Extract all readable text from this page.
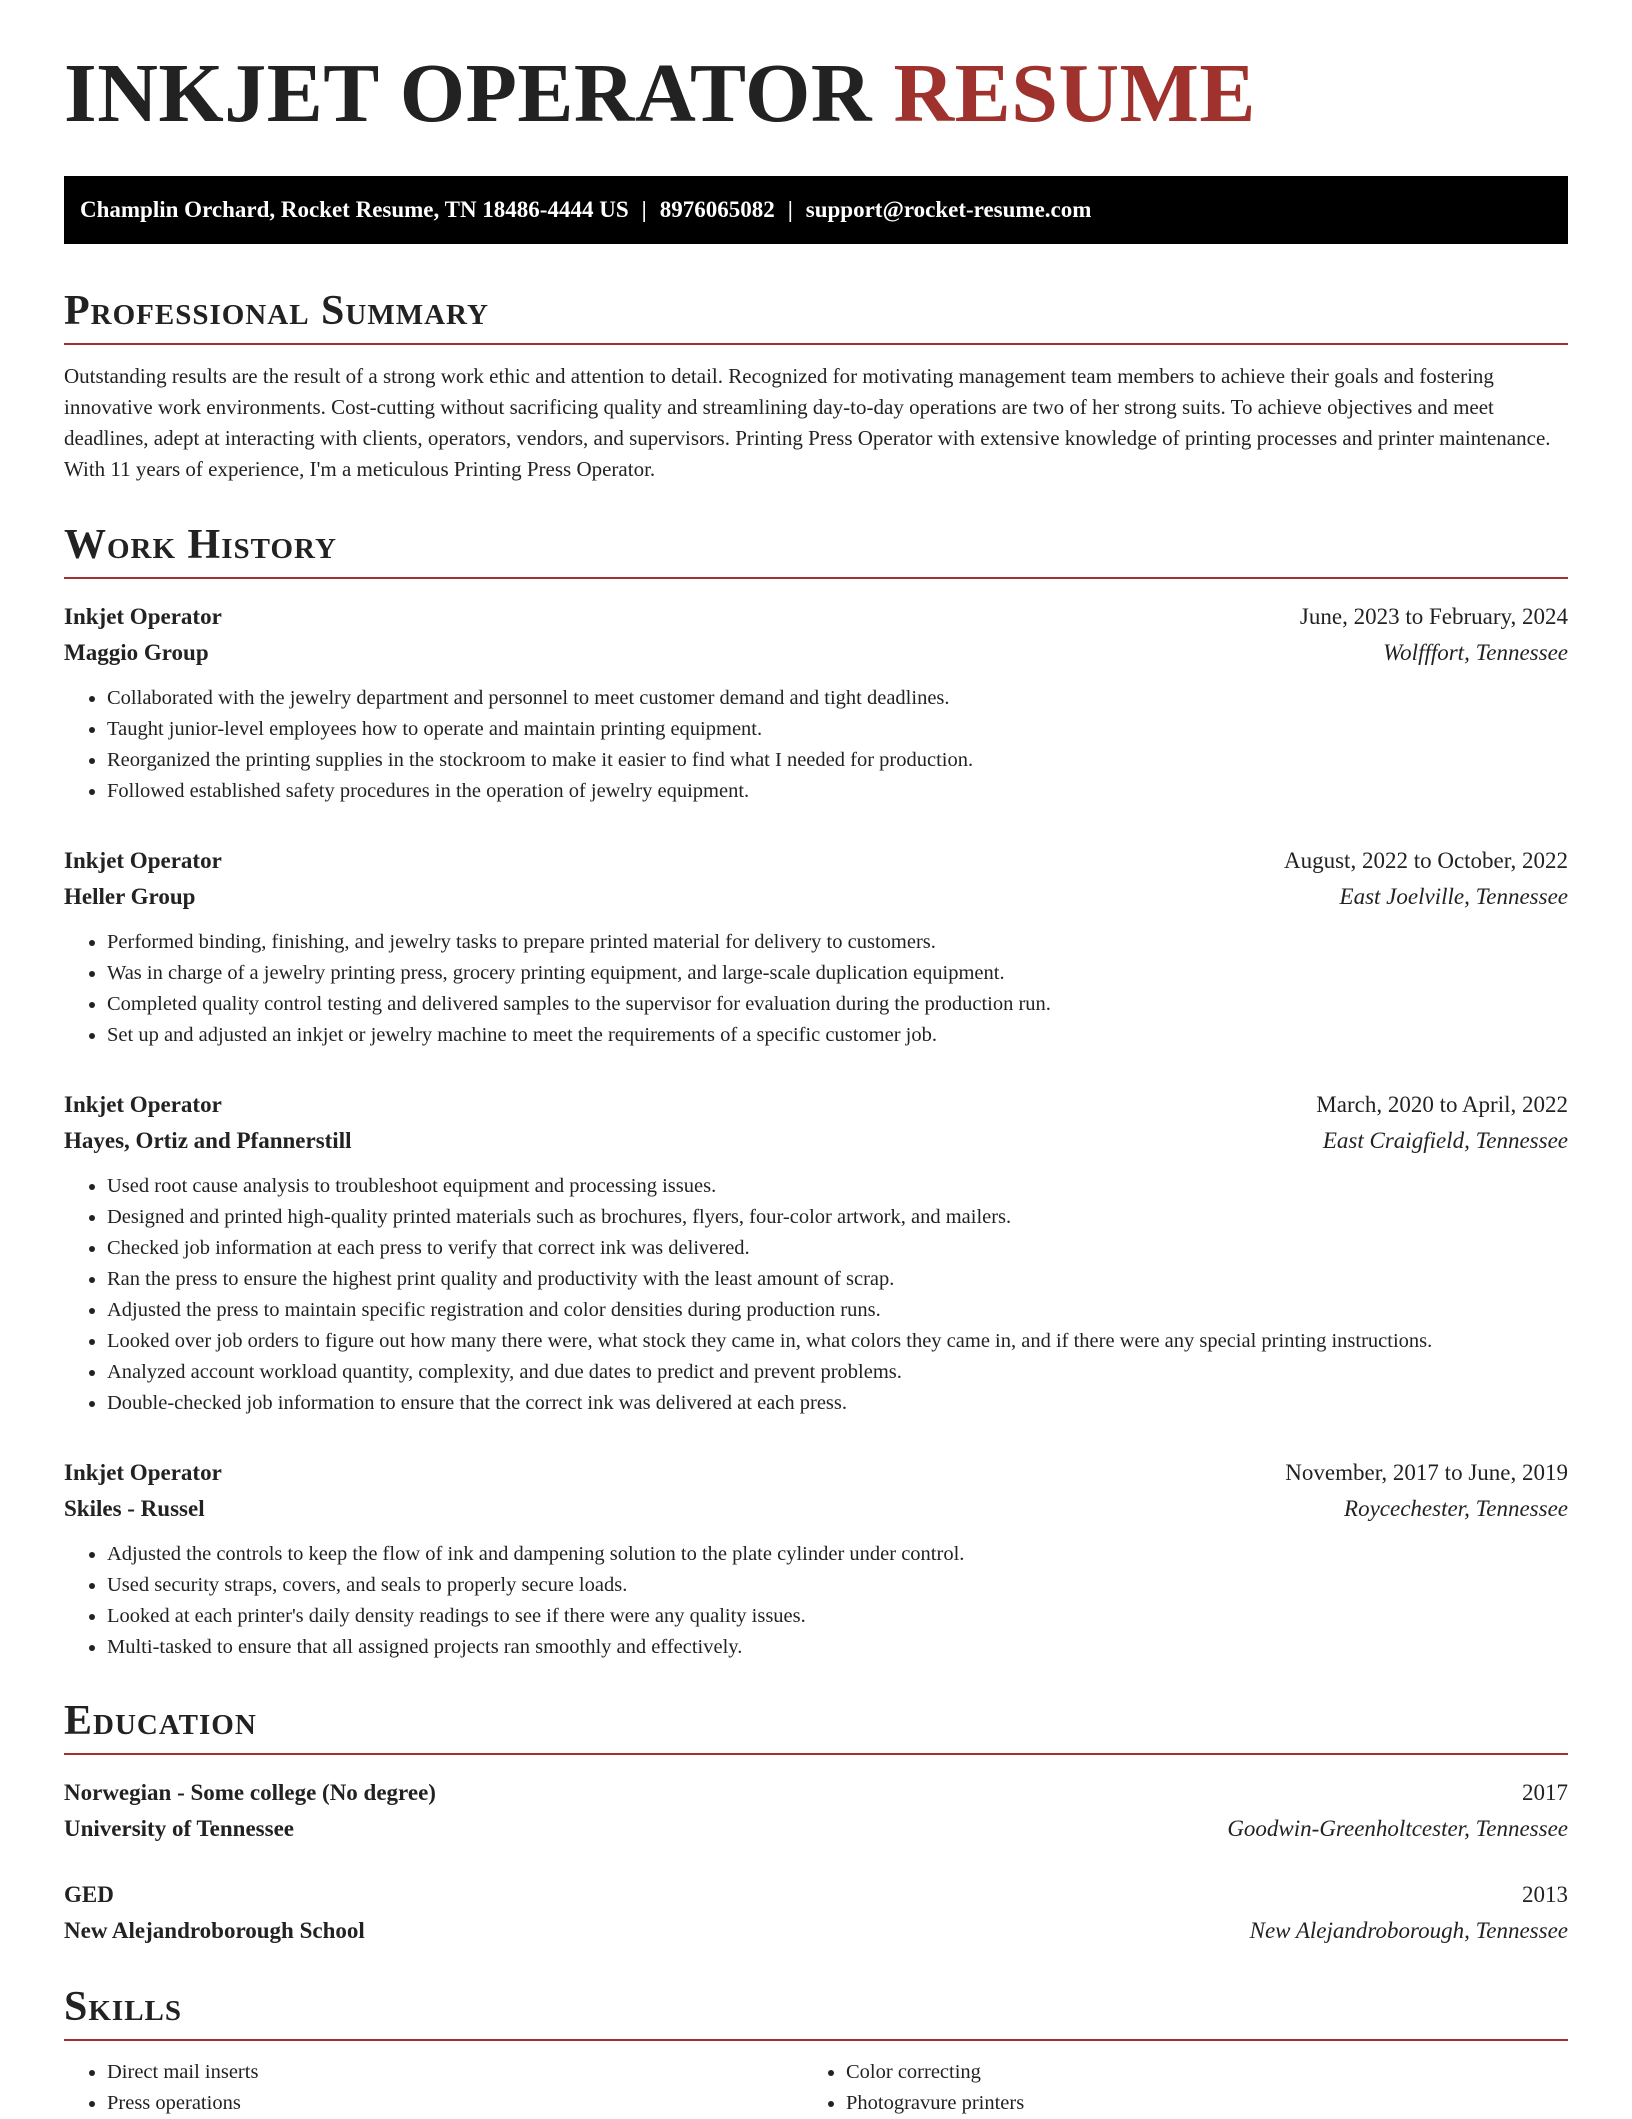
INKJET OPERATOR RESUME
Champlin Orchard, Rocket Resume, TN 18486-4444 US | 8976065082 | support@rocket-resume.com
Professional Summary

Outstanding results are the result of a strong work ethic and attention to detail. Recognized for motivating management team members to achieve their goals and fostering innovative work environments. Cost-cutting without sacrificing quality and streamlining day-to-day operations are two of her strong suits. To achieve objectives and meet deadlines, adept at interacting with clients, operators, vendors, and supervisors. Printing Press Operator with extensive knowledge of printing processes and printer maintenance. With 11 years of experience, I'm a meticulous Printing Press Operator.

Work History
Inkjet Operator	June, 2023 to February, 2024
Maggio Group	Wolfffort, Tennessee
• Collaborated with the jewelry department and personnel to meet customer demand and tight deadlines.
• Taught junior-level employees how to operate and maintain printing equipment.
• Reorganized the printing supplies in the stockroom to make it easier to find what I needed for production.
• Followed established safety procedures in the operation of jewelry equipment.
Inkjet Operator	August, 2022 to October, 2022
Heller Group	East Joelville, Tennessee
• Performed binding, finishing, and jewelry tasks to prepare printed material for delivery to customers.
• Was in charge of a jewelry printing press, grocery printing equipment, and large-scale duplication equipment.
• Completed quality control testing and delivered samples to the supervisor for evaluation during the production run.
• Set up and adjusted an inkjet or jewelry machine to meet the requirements of a specific customer job.
Inkjet Operator	March, 2020 to April, 2022
Hayes, Ortiz and Pfannerstill	East Craigfield, Tennessee
• Used root cause analysis to troubleshoot equipment and processing issues.
• Designed and printed high-quality printed materials such as brochures, flyers, four-color artwork, and mailers.
• Checked job information at each press to verify that correct ink was delivered.
• Ran the press to ensure the highest print quality and productivity with the least amount of scrap.
• Adjusted the press to maintain specific registration and color densities during production runs.
• Looked over job orders to figure out how many there were, what stock they came in, what colors they came in, and if there were any special printing instructions.
• Analyzed account workload quantity, complexity, and due dates to predict and prevent problems.
• Double-checked job information to ensure that the correct ink was delivered at each press.
Inkjet Operator	November, 2017 to June, 2019
Skiles - Russel	Roycechester, Tennessee
• Adjusted the controls to keep the flow of ink and dampening solution to the plate cylinder under control.
• Used security straps, covers, and seals to properly secure loads.
• Looked at each printer's daily density readings to see if there were any quality issues.
• Multi-tasked to ensure that all assigned projects ran smoothly and effectively.
Education
Norwegian - Some college (No degree)	2017
University of Tennessee	Goodwin-Greenholtcester, Tennessee
GED	2013
New Alejandroborough School	New Alejandroborough, Tennessee
Skills
• Direct mail inserts
• Press operations
• Color correcting
• Photogravure printers
